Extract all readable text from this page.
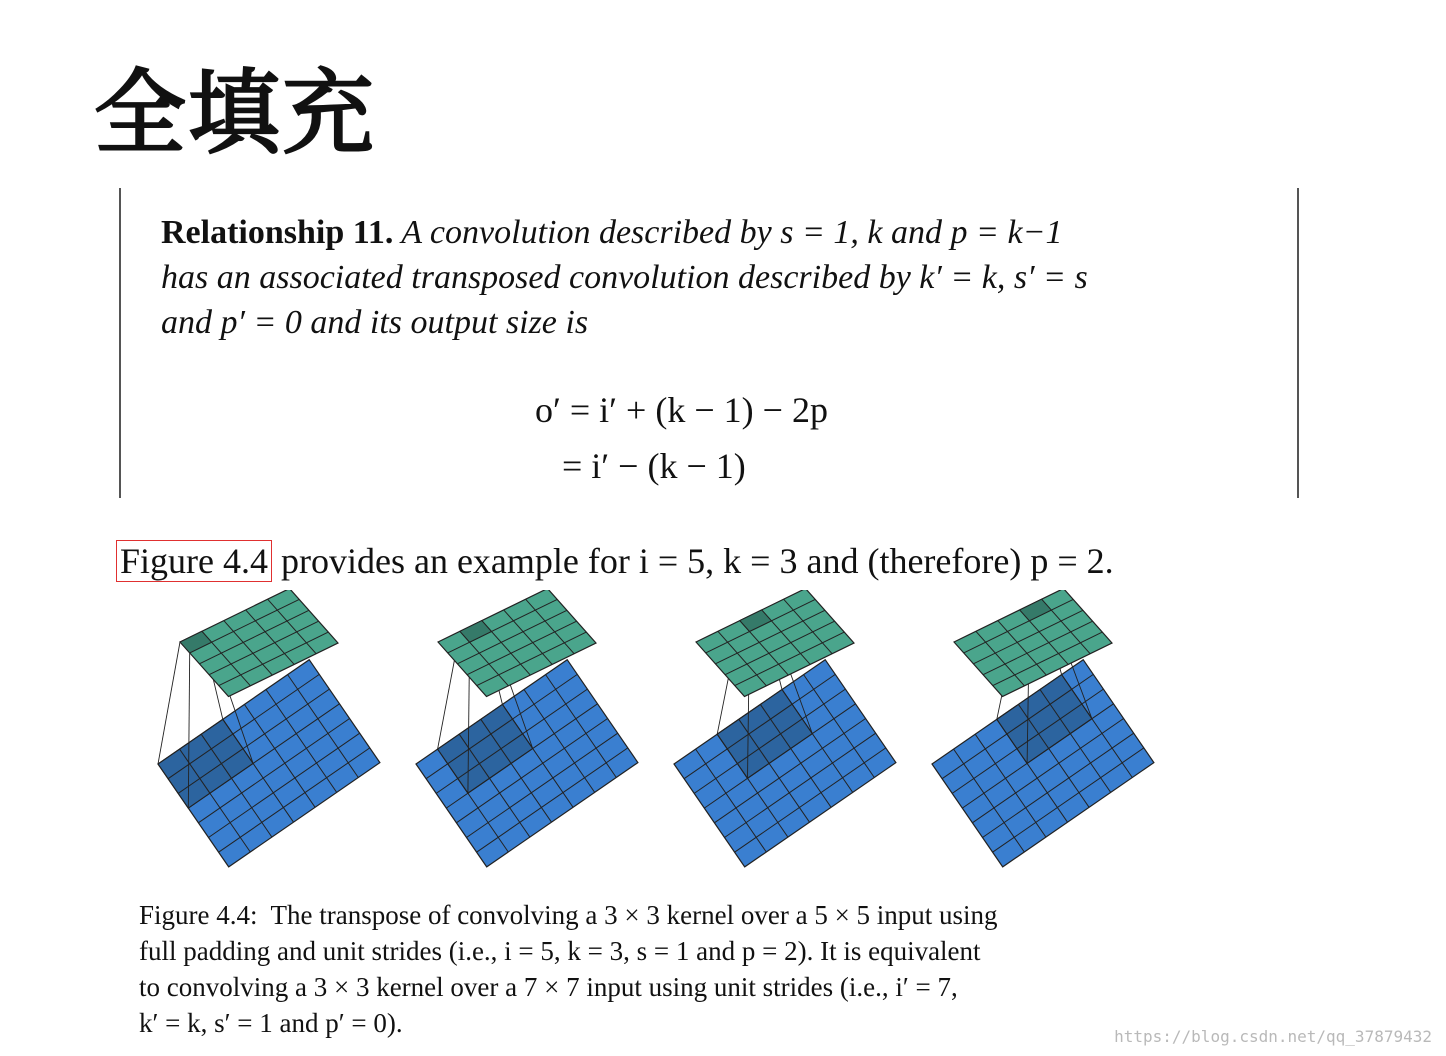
全填充
Relationship 11. A convolution described by s = 1, k and p = k−1
has an associated transposed convolution described by k′ = k, s′ = s
and p′ = 0 and its output size is
o′ = i′ + (k − 1) − 2p
= i′ − (k − 1)
Figure 4.4 provides an example for i = 5, k = 3 and (therefore) p = 2.
Figure 4.4:  The transpose of convolving a 3 × 3 kernel over a 5 × 5 input using
full padding and unit strides (i.e., i = 5, k = 3, s = 1 and p = 2). It is equivalent
to convolving a 3 × 3 kernel over a 7 × 7 input using unit strides (i.e., i′ = 7,
k′ = k, s′ = 1 and p′ = 0).	https://blog.csdn.net/qq_37879432
